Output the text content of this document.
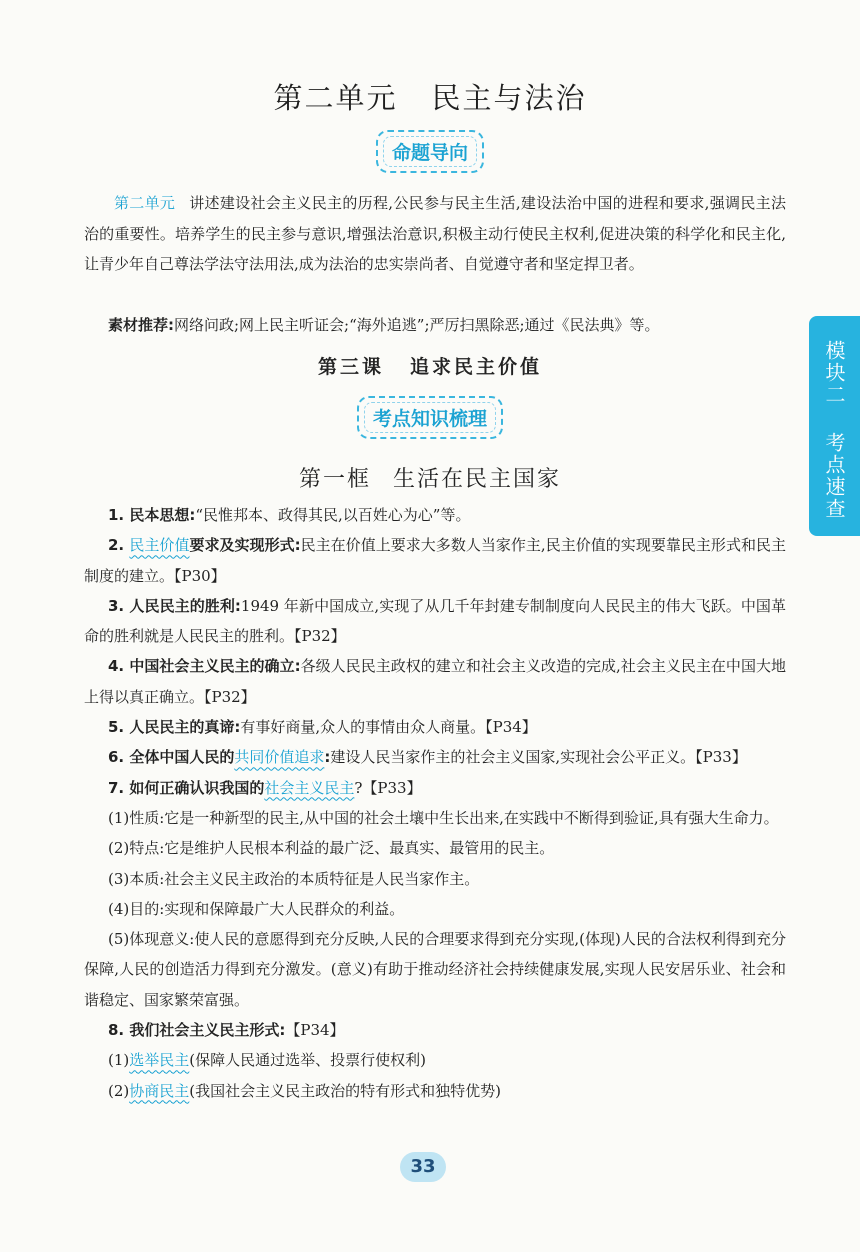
第二单元 民主与法治
命题导向

第二单元 讲述建设社会主义民主的历程,公民参与民主生活,建设法治中国的进程和要求,强调民主法治的重要性。培养学生的民主参与意识,增强法治意识,积极主动行使民主权利,促进决策的科学化和民主化,让青少年自己尊法学法守法用法,成为法治的忠实崇尚者、自觉遵守者和坚定捍卫者。

素材推荐:网络问政;网上民主听证会;“海外追逃”;严厉扫黑除恶;通过《民法典》等。
第三课 追求民主价值
考点知识梳理
第一框 生活在民主国家

1. 民本思想:“民惟邦本、政得其民,以百姓心为心”等。

2. 民主价值要求及实现形式:民主在价值上要求大多数人当家作主,民主价值的实现要靠民主形式和民主制度的建立。【P30】

3. 人民民主的胜利:1949 年新中国成立,实现了从几千年封建专制制度向人民民主的伟大飞跃。中国革命的胜利就是人民民主的胜利。【P32】

4. 中国社会主义民主的确立:各级人民民主政权的建立和社会主义改造的完成,社会主义民主在中国大地上得以真正确立。【P32】

5. 人民民主的真谛:有事好商量,众人的事情由众人商量。【P34】

6. 全体中国人民的共同价值追求:建设人民当家作主的社会主义国家,实现社会公平正义。【P33】

7. 如何正确认识我国的社会主义民主?【P33】

(1)性质:它是一种新型的民主,从中国的社会土壤中生长出来,在实践中不断得到验证,具有强大生命力。

(2)特点:它是维护人民根本利益的最广泛、最真实、最管用的民主。

(3)本质:社会主义民主政治的本质特征是人民当家作主。

(4)目的:实现和保障最广大人民群众的利益。

(5)体现意义:使人民的意愿得到充分反映,人民的合理要求得到充分实现,(体现)人民的合法权利得到充分保障,人民的创造活力得到充分激发。(意义)有助于推动经济社会持续健康发展,实现人民安居乐业、社会和谐稳定、国家繁荣富强。

8. 我们社会主义民主形式:【P34】

(1)选举民主(保障人民通过选举、投票行使权利)

(2)协商民主(我国社会主义民主政治的特有形式和独特优势)

模块二 考点速查
33
